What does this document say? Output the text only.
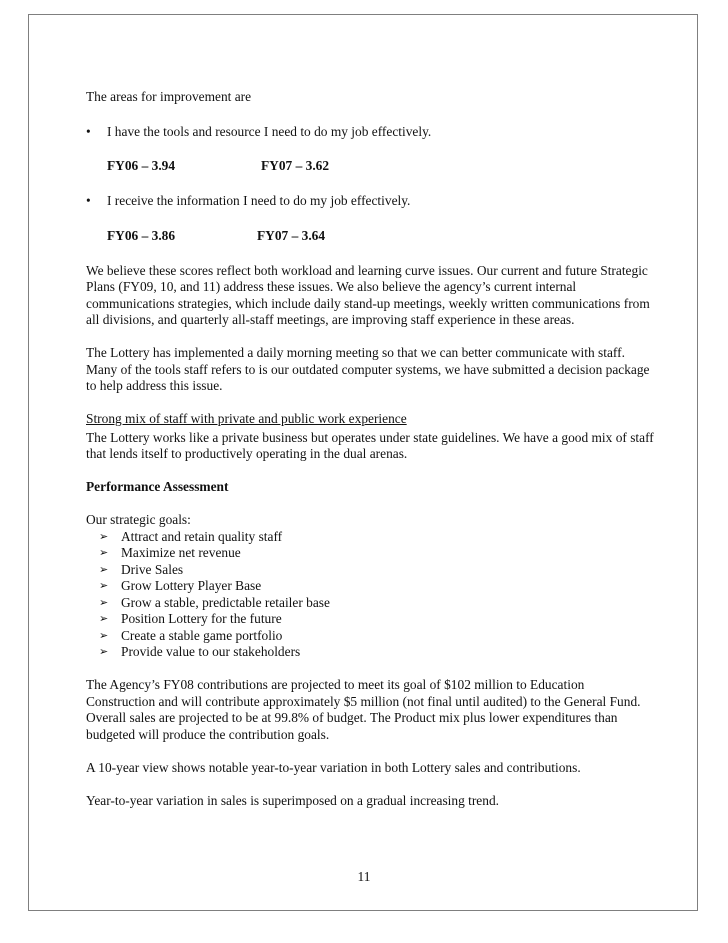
The areas for improvement are
• I have the tools and resource I need to do my job effectively.
FY06 – 3.94	FY07 – 3.62
• I receive the information I need to do my job effectively.
FY06 – 3.86	FY07 – 3.64

We believe these scores reflect both workload and learning curve issues. Our current and future Strategic Plans (FY09, 10, and 11) address these issues. We also believe the agency’s current internal communications strategies, which include daily stand-up meetings, weekly written communications from all divisions, and quarterly all-staff meetings, are improving staff experience in these areas.

The Lottery has implemented a daily morning meeting so that we can better communicate with staff. Many of the tools staff refers to is our outdated computer systems, we have submitted a decision package to help address this issue.

Strong mix of staff with private and public work experience

The Lottery works like a private business but operates under state guidelines. We have a good mix of staff that lends itself to productively operating in the dual arenas.

Performance Assessment
Our strategic goals:
➢ Attract and retain quality staff
➢ Maximize net revenue
➢ Drive Sales
➢ Grow Lottery Player Base
➢ Grow a stable, predictable retailer base
➢ Position Lottery for the future
➢ Create a stable game portfolio
➢ Provide value to our stakeholders

The Agency’s FY08 contributions are projected to meet its goal of $102 million to Education Construction and will contribute approximately $5 million (not final until audited) to the General Fund. Overall sales are projected to be at 99.8% of budget. The Product mix plus lower expenditures than budgeted will produce the contribution goals.

A 10-year view shows notable year-to-year variation in both Lottery sales and contributions.

Year-to-year variation in sales is superimposed on a gradual increasing trend.

11
